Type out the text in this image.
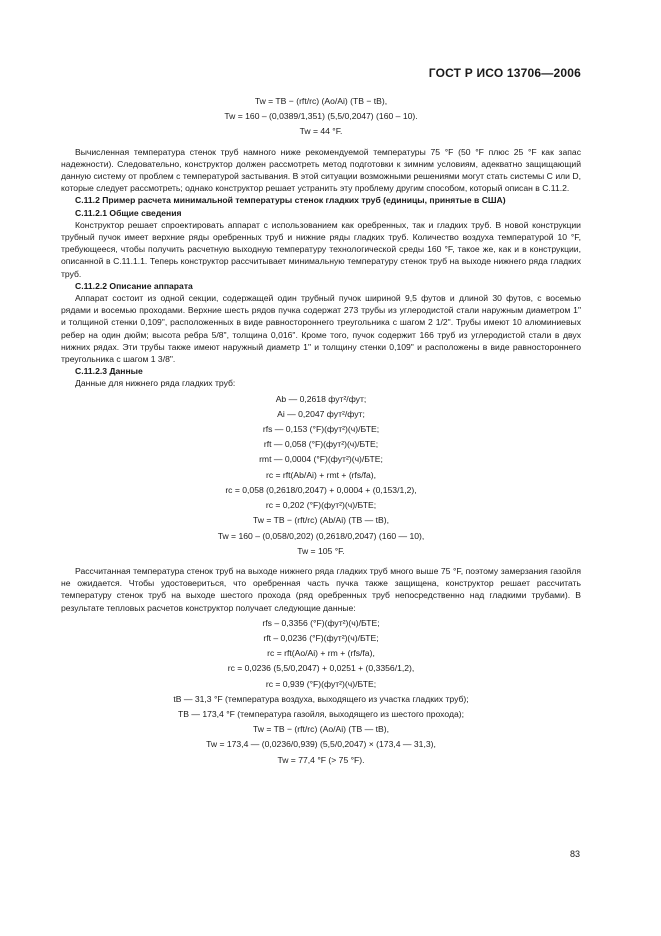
ГОСТ Р ИСО 13706—2006

Tw = TB − (rft/rc) (Ao/Ai) (TB − tB),

Tw = 160 – (0,0389/1,351) (5,5/0,2047) (160 – 10).

Tw = 44 °F.

Вычисленная температура стенок труб намного ниже рекомендуемой температуры 75 °F (50 °F плюс 25 °F как запас надежности). Следовательно, конструктор должен рассмотреть метод подготовки к зимним условиям, адекватно защищающий данную систему от проблем с температурой застывания. В этой ситуации возможными решениями могут стать системы C или D, которые следует рассмотреть; однако конструктор решает устранить эту проблему другим способом, который описан в С.11.2.

С.11.2 Пример расчета минимальной температуры стенок гладких труб (единицы, принятые в США)

С.11.2.1 Общие сведения

Конструктор решает спроектировать аппарат с использованием как оребренных, так и гладких труб. В новой конструкции трубный пучок имеет верхние ряды оребренных труб и нижние ряды гладких труб. Количество воздуха температурой 10 °F, требующееся, чтобы получить расчетную выходную температуру технологической среды 160 °F, такое же, как и в конструкции, описанной в С.11.1.1. Теперь конструктор рассчитывает минимальную температуру стенок труб на выходе нижнего ряда гладких труб.

С.11.2.2 Описание аппарата

Аппарат состоит из одной секции, содержащей один трубный пучок шириной 9,5 футов и длиной 30 футов, с восемью рядами и восемью проходами. Верхние шесть рядов пучка содержат 273 трубы из углеродистой стали наружным диаметром 1" и толщиной стенки 0,109", расположенных в виде равностороннего треугольника с шагом 2 1/2". Трубы имеют 10 алюминиевых ребер на один дюйм; высота ребра 5/8", толщина 0,016". Кроме того, пучок содержит 166 труб из углеродистой стали в двух нижних рядах. Эти трубы также имеют наружный диаметр 1" и толщину стенки 0,109" и расположены в виде равностороннего треугольника с шагом 1 3/8".

С.11.2.3 Данные

Данные для нижнего ряда гладких труб:

Ab — 0,2618 фут²/фут;

Ai — 0,2047 фут²/фут;

rfs — 0,153 (°F)(фут²)(ч)/БТЕ;

rft — 0,058 (°F)(фут²)(ч)/БТЕ;

rmt — 0,0004 (°F)(фут²)(ч)/БТЕ;

rc = rft(Ab/Ai) + rmt + (rfs/fa),

rc = 0,058 (0,2618/0,2047) + 0,0004 + (0,153/1,2),

rc = 0,202 (°F)(фут²)(ч)/БТЕ;

Tw = TB − (rft/rc) (Ab/Ai) (TB — tB),

Tw = 160 – (0,058/0,202) (0,2618/0,2047) (160 — 10),

Tw = 105 °F.

Рассчитанная температура стенок труб на выходе нижнего ряда гладких труб много выше 75 °F, поэтому замерзания газойля не ожидается. Чтобы удостовериться, что оребренная часть пучка также защищена, конструктор решает рассчитать температуру стенок труб на выходе шестого прохода (ряд оребренных труб непосредственно над гладкими трубами). В результате тепловых расчетов конструктор получает следующие данные:

rfs – 0,3356 (°F)(фут²)(ч)/БТЕ;

rft – 0,0236 (°F)(фут²)(ч)/БТЕ;

rc = rft(Ao/Ai) + rm + (rfs/fa),

rc = 0,0236 (5,5/0,2047) + 0,0251 + (0,3356/1,2),

rc = 0,939 (°F)(фут²)(ч)/БТЕ;

tB — 31,3 °F (температура воздуха, выходящего из участка гладких труб);

TB — 173,4 °F (температура газойля, выходящего из шестого прохода);

Tw = TB − (rft/rc) (Ao/Ai) (TB — tB),

Tw = 173,4 — (0,0236/0,939) (5,5/0,2047) × (173,4 — 31,3),

Tw = 77,4 °F (> 75 °F).

83
